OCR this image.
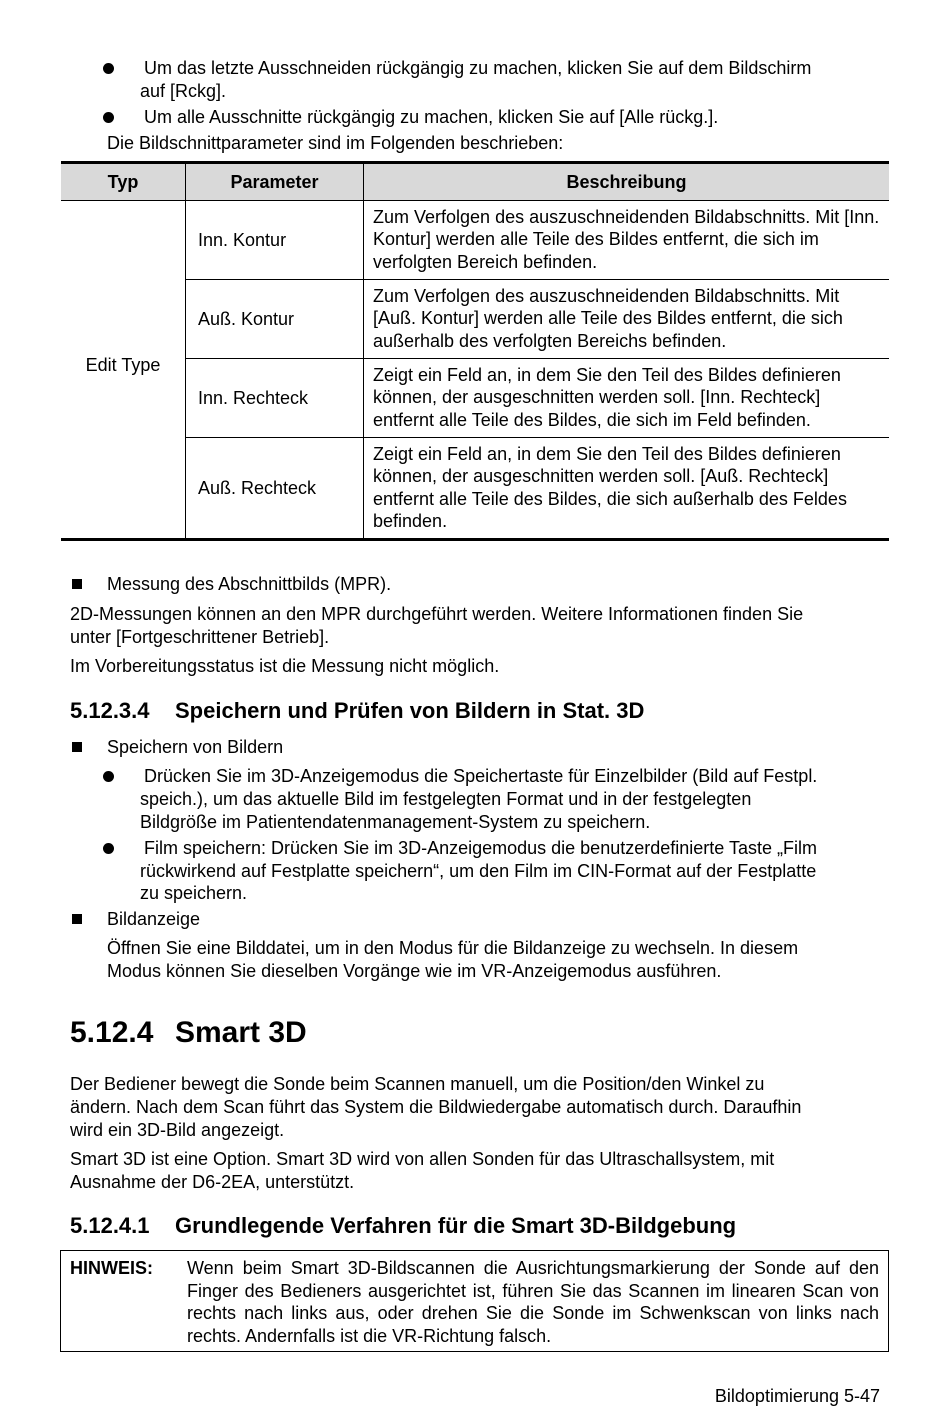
Um das letzte Ausschneiden rückgängig zu machen, klicken Sie auf dem Bildschirm
auf [Rckg].
Um alle Ausschnitte rückgängig zu machen, klicken Sie auf [Alle rückg.].
Die Bildschnittparameter sind im Folgenden beschrieben:
Typ	Parameter	Beschreibung
Edit Type	Inn. Kontur	Zum Verfolgen des auszuschneidenden Bildabschnitts. Mit [Inn. Kontur] werden alle Teile des Bildes entfernt, die sich im verfolgten Bereich befinden.
	Auß. Kontur	Zum Verfolgen des auszuschneidenden Bildabschnitts. Mit [Auß. Kontur] werden alle Teile des Bildes entfernt, die sich außerhalb des verfolgten Bereichs befinden.
	Inn. Rechteck	Zeigt ein Feld an, in dem Sie den Teil des Bildes definieren können, der ausgeschnitten werden soll. [Inn. Rechteck] entfernt alle Teile des Bildes, die sich im Feld befinden.
	Auß. Rechteck	Zeigt ein Feld an, in dem Sie den Teil des Bildes definieren können, der ausgeschnitten werden soll. [Auß. Rechteck] entfernt alle Teile des Bildes, die sich außerhalb des Feldes befinden.
Messung des Abschnittbilds (MPR).
2D-Messungen können an den MPR durchgeführt werden. Weitere Informationen finden Sie
unter [Fortgeschrittener Betrieb].
Im Vorbereitungsstatus ist die Messung nicht möglich.
5.12.3.4 Speichern und Prüfen von Bildern in Stat. 3D
Speichern von Bildern
Drücken Sie im 3D-Anzeigemodus die Speichertaste für Einzelbilder (Bild auf Festpl.
speich.), um das aktuelle Bild im festgelegten Format und in der festgelegten
Bildgröße im Patientendatenmanagement-System zu speichern.
Film speichern: Drücken Sie im 3D-Anzeigemodus die benutzerdefinierte Taste „Film
rückwirkend auf Festplatte speichern“, um den Film im CIN-Format auf der Festplatte
zu speichern.
Bildanzeige
Öffnen Sie eine Bilddatei, um in den Modus für die Bildanzeige zu wechseln. In diesem
Modus können Sie dieselben Vorgänge wie im VR-Anzeigemodus ausführen.
5.12.4 Smart 3D
Der Bediener bewegt die Sonde beim Scannen manuell, um die Position/den Winkel zu
ändern. Nach dem Scan führt das System die Bildwiedergabe automatisch durch. Daraufhin
wird ein 3D-Bild angezeigt.
Smart 3D ist eine Option. Smart 3D wird von allen Sonden für das Ultraschallsystem, mit
Ausnahme der D6-2EA, unterstützt.
5.12.4.1 Grundlegende Verfahren für die Smart 3D-Bildgebung
HINWEIS: Wenn beim Smart 3D-Bildscannen die Ausrichtungsmarkierung der Sonde auf den Finger des Bedieners ausgerichtet ist, führen Sie das Scannen im linearen Scan von rechts nach links aus, oder drehen Sie die Sonde im Schwenkscan von links nach rechts. Andernfalls ist die VR-Richtung falsch.
Bildoptimierung 5-47
